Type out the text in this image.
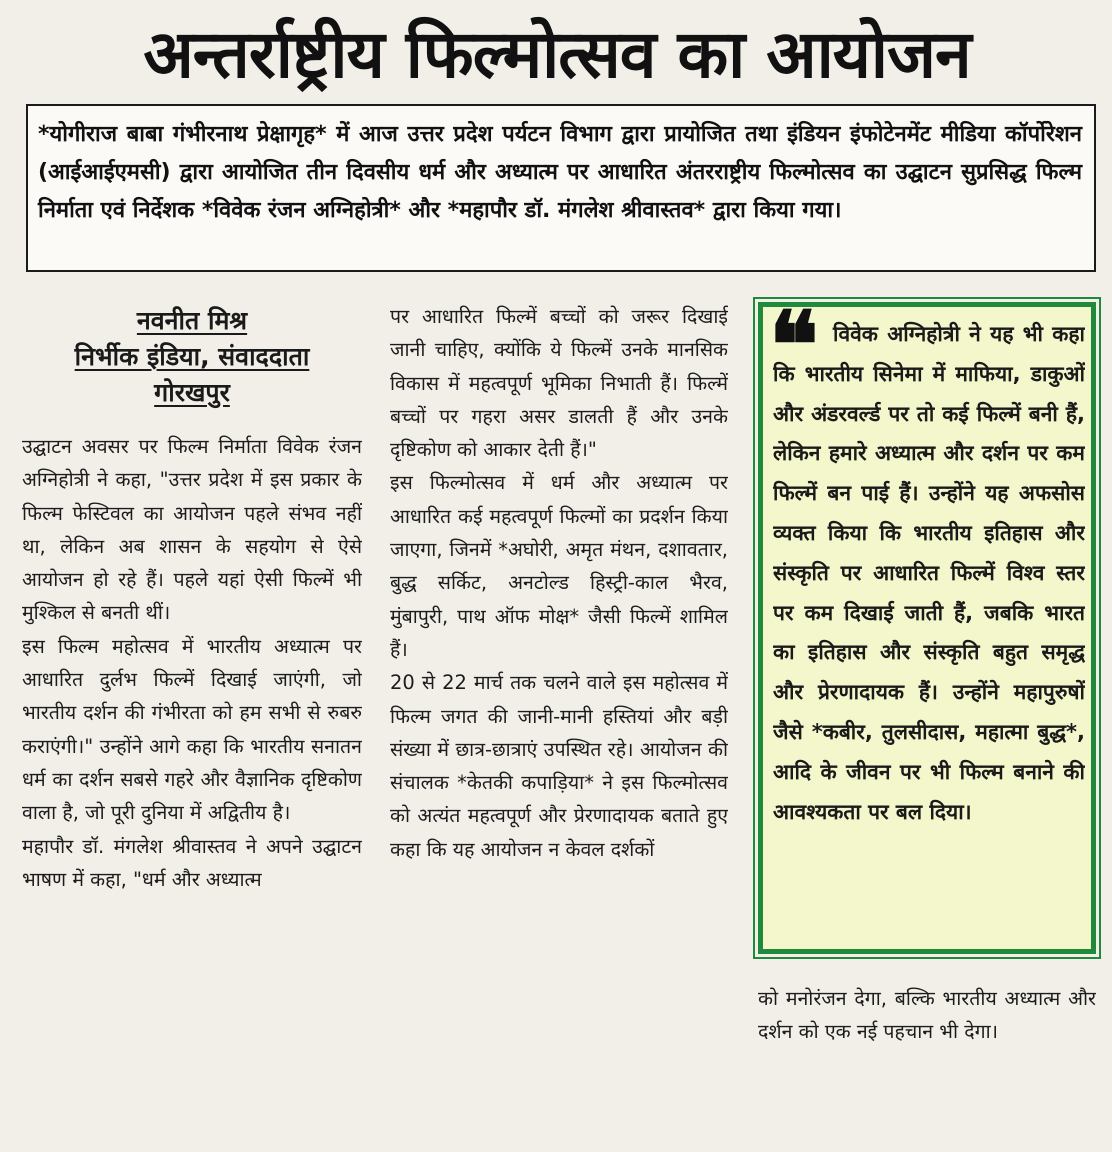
अन्तर्राष्ट्रीय फिल्मोत्सव का आयोजन
*योगीराज बाबा गंभीरनाथ प्रेक्षागृह* में आज उत्तर प्रदेश पर्यटन विभाग द्वारा प्रायोजित तथा इंडियन इंफोटेनमेंट मीडिया कॉर्पोरेशन (आईआईएमसी) द्वारा आयोजित तीन दिवसीय धर्म और अध्यात्म पर आधारित अंतरराष्ट्रीय फिल्मोत्सव का उद्घाटन सुप्रसिद्ध फिल्म निर्माता एवं निर्देशक *विवेक रंजन अग्निहोत्री* और *महापौर डॉ. मंगलेश श्रीवास्तव* द्वारा किया गया।
नवनीत मिश्र
निर्भीक इंडिया, संवाददाता
गोरखपुर

उद्घाटन अवसर पर फिल्म निर्माता विवेक रंजन अग्निहोत्री ने कहा, "उत्तर प्रदेश में इस प्रकार के फिल्म फेस्टिवल का आयोजन पहले संभव नहीं था, लेकिन अब शासन के सहयोग से ऐसे आयोजन हो रहे हैं। पहले यहां ऐसी फिल्में भी मुश्किल से बनती थीं।

इस फिल्म महोत्सव में भारतीय अध्यात्म पर आधारित दुर्लभ फिल्में दिखाई जाएंगी, जो भारतीय दर्शन की गंभीरता को हम सभी से रुबरु कराएंगी।" उन्होंने आगे कहा कि भारतीय सनातन धर्म का दर्शन सबसे गहरे और वैज्ञानिक दृष्टिकोण वाला है, जो पूरी दुनिया में अद्वितीय है।

महापौर डॉ. मंगलेश श्रीवास्तव ने अपने उद्घाटन भाषण में कहा, "धर्म और अध्यात्म

पर आधारित फिल्में बच्चों को जरूर दिखाई जानी चाहिए, क्योंकि ये फिल्में उनके मानसिक विकास में महत्वपूर्ण भूमिका निभाती हैं। फिल्में बच्चों पर गहरा असर डालती हैं और उनके दृष्टिकोण को आकार देती हैं।"

इस फिल्मोत्सव में धर्म और अध्यात्म पर आधारित कई महत्वपूर्ण फिल्मों का प्रदर्शन किया जाएगा, जिनमें *अघोरी, अमृत मंथन, दशावतार, बुद्ध सर्किट, अनटोल्ड हिस्ट्री-काल भैरव, मुंबापुरी, पाथ ऑफ मोक्ष* जैसी फिल्में शामिल हैं।

20 से 22 मार्च तक चलने वाले इस महोत्सव में फिल्म जगत की जानी-मानी हस्तियां और बड़ी संख्या में छात्र-छात्राएं उपस्थित रहे। आयोजन की संचालक *केतकी कपाड़िया* ने इस फिल्मोत्सव को अत्यंत महत्वपूर्ण और प्रेरणादायक बताते हुए कहा कि यह आयोजन न केवल दर्शकों

❝ विवेक अग्निहोत्री ने यह भी कहा कि भारतीय सिनेमा में माफिया, डाकुओं और अंडरवर्ल्ड पर तो कई फिल्में बनी हैं, लेकिन हमारे अध्यात्म और दर्शन पर कम फिल्में बन पाई हैं। उन्होंने यह अफसोस व्यक्त किया कि भारतीय इतिहास और संस्कृति पर आधारित फिल्में विश्व स्तर पर कम दिखाई जाती हैं, जबकि भारत का इतिहास और संस्कृति बहुत समृद्ध और प्रेरणादायक हैं। उन्होंने महापुरुषों जैसे *कबीर, तुलसीदास, महात्मा बुद्ध*, आदि के जीवन पर भी फिल्म बनाने की आवश्यकता पर बल दिया।

को मनोरंजन देगा, बल्कि भारतीय अध्यात्म और दर्शन को एक नई पहचान भी देगा।
